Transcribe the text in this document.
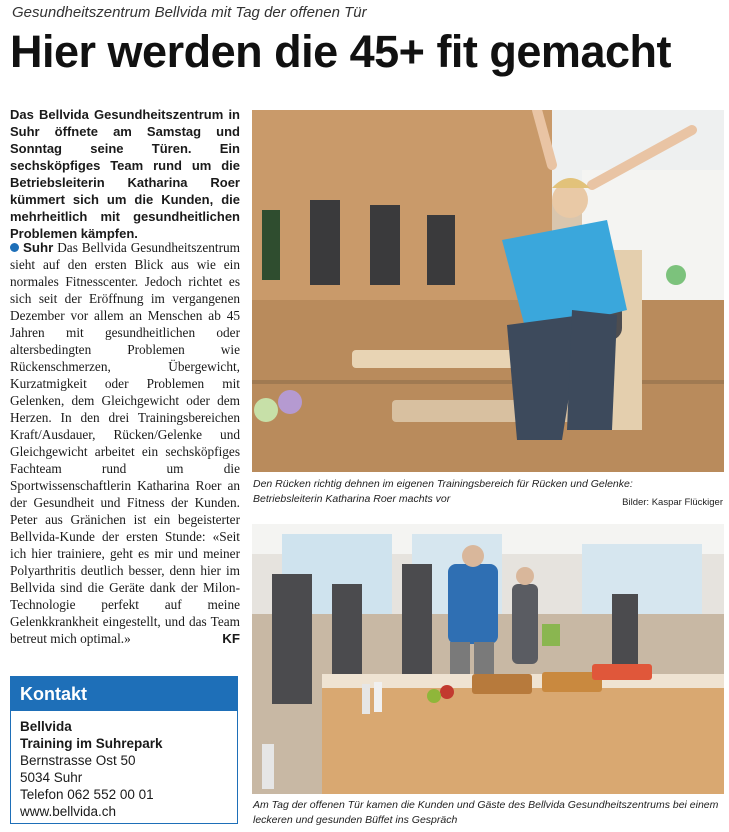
Gesundheitszentrum Bellvida mit Tag der offenen Tür
Hier werden die 45+ fit gemacht

Das Bellvida Gesundheitszentrum in Suhr öffnete am Samstag und Sonntag seine Türen. Ein sechsköpfiges Team rund um die Betriebsleiterin Katharina Roer kümmert sich um die Kunden, die mehrheitlich mit gesundheitlichen Problemen kämpfen.

Suhr Das Bellvida Gesundheitszentrum sieht auf den ersten Blick aus wie ein normales Fitnesscenter. Jedoch richtet es sich seit der Eröffnung im vergangenen Dezember vor allem an Menschen ab 45 Jahren mit gesundheitlichen oder altersbedingten Problemen wie Rückenschmerzen, Übergewicht, Kurzatmigkeit oder Problemen mit Gelenken, dem Gleichgewicht oder dem Herzen. In den drei Trainingsbereichen Kraft/Ausdauer, Rücken/Gelenke und Gleichgewicht arbeitet ein sechsköpfiges Fachteam rund um die Sportwissenschaftlerin Katharina Roer an der Gesundheit und Fitness der Kunden. Peter aus Gränichen ist ein begeisterter Bellvida-Kunde der ersten Stunde: «Seit ich hier trainiere, geht es mir und meiner Polyarthritis deutlich besser, denn hier im Bellvida sind die Geräte dank der Milon-Technologie perfekt auf meine Gelenkkrankheit eingestellt, und das Team betreut mich optimal.»	KF

Kontakt
Bellvida
Training im Suhrepark
Bernstrasse Ost 50
5034 Suhr
Telefon 062 552 00 01
www.bellvida.ch
Den Rücken richtig dehnen im eigenen Trainingsbereich für Rücken und Gelenke: Betriebsleiterin Katharina Roer machts vor	Bilder: Kaspar Flückiger
Am Tag der offenen Tür kamen die Kunden und Gäste des Bellvida Gesundheitszentrums bei einem leckeren und gesunden Büffet ins Gespräch
